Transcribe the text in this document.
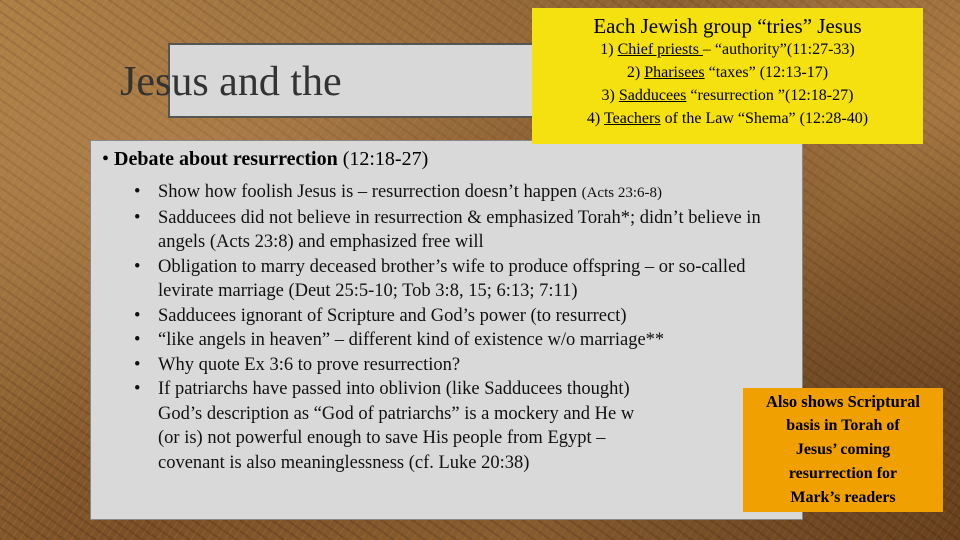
Jesus and the
• Debate about resurrection (12:18-27)
• Show how foolish Jesus is – resurrection doesn’t happen (Acts 23:6-8)
• Sadducees did not believe in resurrection & emphasized Torah*; didn’t believe in angels (Acts 23:8) and emphasized free will
• Obligation to marry deceased brother’s wife to produce offspring – or so-called levirate marriage (Deut 25:5-10; Tob 3:8, 15; 6:13; 7:11)
• Sadducees ignorant of Scripture and God’s power (to resurrect)
• “like angels in heaven” – different kind of existence w/o marriage**
• Why quote Ex 3:6 to prove resurrection?
• If patriarchs have passed into oblivion (like Sadducees thought)
God’s description as “God of patriarchs” is a mockery and He w
(or is) not powerful enough to save His people from Egypt –
covenant is also meaninglessness (cf. Luke 20:38)
Each Jewish group “tries” Jesus
1) Chief priests – “authority”(11:27-33)
2) Pharisees “taxes” (12:13-17)
3) Sadducees “resurrection ”(12:18-27)
4) Teachers of the Law “Shema” (12:28-40)
Also shows Scriptural
basis in Torah of
Jesus’ coming
resurrection for
Mark’s readers
